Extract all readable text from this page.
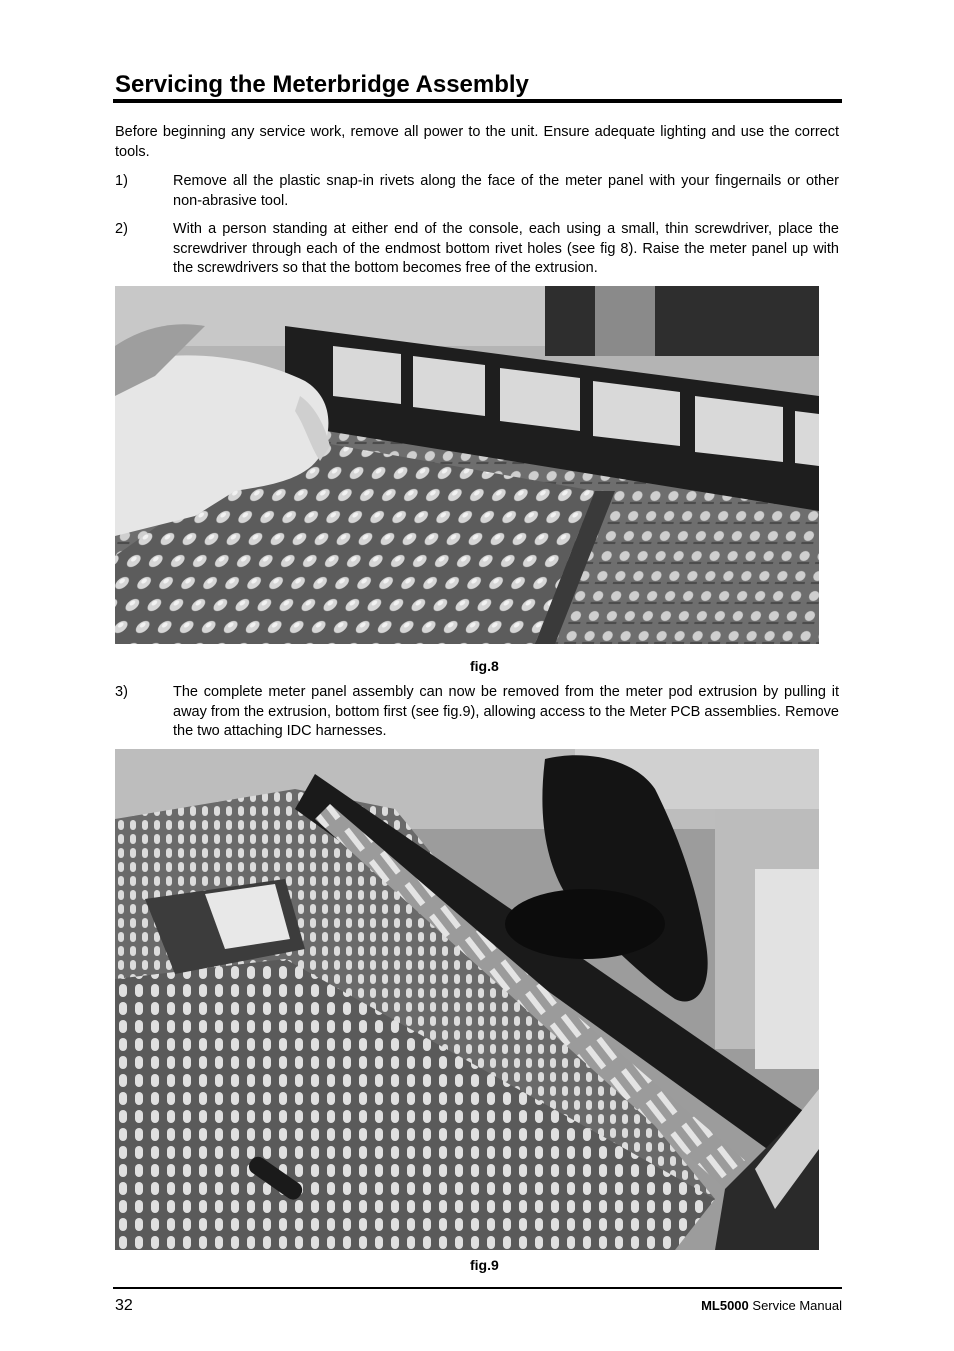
Servicing the Meterbridge Assembly

Before beginning any service work, remove all power to the unit. Ensure adequate lighting and use the correct tools.

1)	Remove all the plastic snap-in rivets along the face of the meter panel with your fingernails or other non-abrasive tool.
2)	With a person standing at either end of the console, each using a small, thin screwdriver, place the screwdriver through each of the endmost bottom rivet holes (see fig 8). Raise the meter panel up with the screwdrivers so that the bottom becomes free of the extrusion.
fig.8
3)	The complete meter panel assembly can now be removed from the meter pod extrusion by pulling it away from the extrusion, bottom first (see fig.9), allowing access to the Meter PCB assemblies. Remove the two attaching IDC harnesses.
fig.9
32	ML5000 Service Manual
